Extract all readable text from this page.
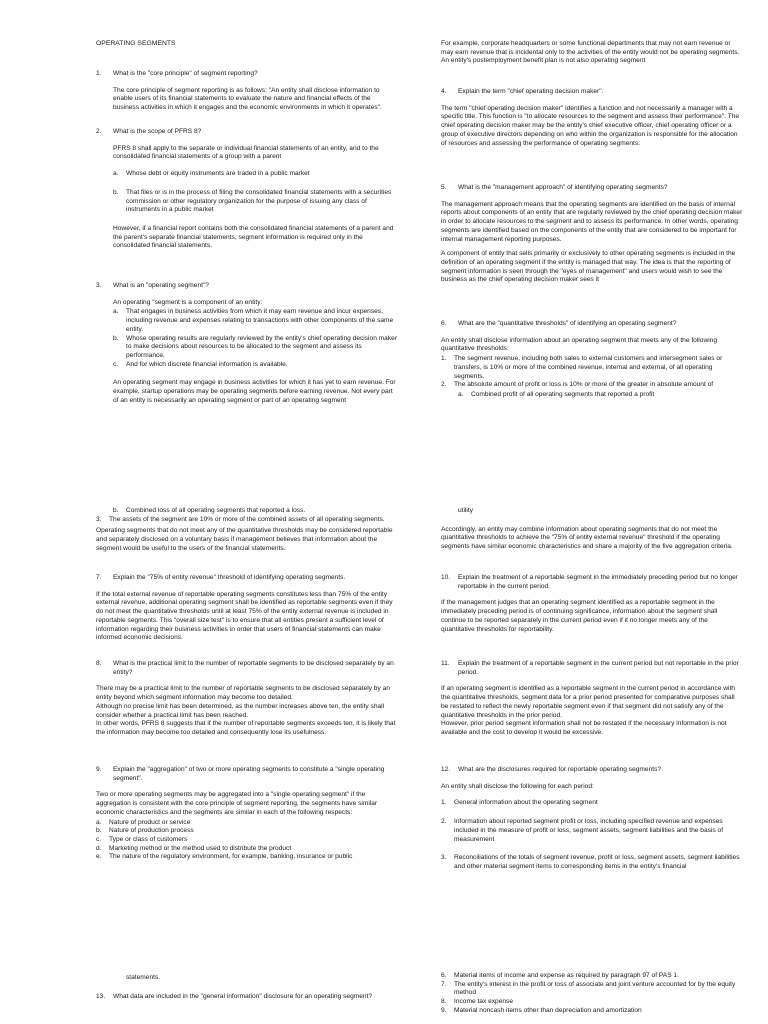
OPERATING SEGMENTS

1. What is the "core principle" of segment reporting?

The core principle of segment reporting is as follows: "An entity shall disclose information to enable users of its financial statements to evaluate the nature and financial effects of the business activities in which it engages and the economic environments in which it operates".

2. What is the scope of PFRS 8?

PFRS 8 shall apply to the separate or individual financial statements of an entity, and to the consolidated financial statements of a group with a parent

a. Whose debt or equity instruments are traded in a public market
b. That files or is in the process of filing the consolidated financial statements with a securities commission or other regulatory organization for the purpose of issuing any class of instruments in a public market

However, if a financial report contains both the consolidated financial statements of a parent and the parent's separate financial statements, segment information is required only in the consolidated financial statements.

3. What is an "operating segment"?

An operating "segment is a component of an entity:

a. That engages in business activities from which it may earn revenue and incur expenses, including revenue and expenses relating to transactions with other components of the same entity.
b. Whose operating results are regularly reviewed by the entity's chief operating decision maker to make decisions about resources to be allocated to the segment and assess its performance.
c. And for which discrete financial information is available.

An operating segment may engage in business activities for which it has yet to earn revenue. For example, startup operations may be operating segments before earning revenue. Not every part of an entity is necessarily an operating segment or part of an operating segment

For example, corporate headquarters or some functional departments that may not earn revenue or may earn revenue that is incidental only to the activities of the entity would not be operating segments. An entity's postemployment benefit plan is not also operating segment

4. Explain the term "chief operating decision maker".

The term "chief operating decision maker" identifies a function and not necessarily a manager with a specific title. This function is "to allocate resources to the segment and assess their performance". The chief operating decision maker may be the entity's chief executive officer, chief operating officer or a group of executive directors depending on who within the organization is responsible for the allocation of resources and assessing the performance of operating segments.

5. What is the "management approach" of identifying operating segments?

The management approach means that the operating segments are identified on the basis of internal reports about components of an entity that are regularly reviewed by the chief operating decision maker in order to allocate resources to the segment and to assess its performance. In other words, operating segments are identified based on the components of the entity that are considered to be important for internal management reporting purposes.

A component of entity that sells primarily or exclusively to other operating segments is included in the definition of an operating segment if the entity is managed that way. The idea is that the reporting of segment information is seen through the "eyes of management" and users would wish to see the business as the chief operating decision maker sees it

6. What are the "quantitative thresholds" of identifying an operating segment?

An entity shall disclose information about an operating segment that meets any of the following quantitative thresholds:

1. The segment revenue, including both sales to external customers and intersegment sales or transfers, is 10% or more of the combined revenue, internal and external, of all operating segments.
2. The absolute amount of profit or loss is 10% or more of the greater in absolute amount of
a. Combined profit of all operating segments that reported a profit
b. Combined loss of all operating segments that reported a loss.
3. The assets of the segment are 10% or more of the combined assets of all operating segments.

Operating segments that do not meet any of the quantitative thresholds may be considered reportable and separately disclosed on a voluntary basis if management believes that information about the segment would be useful to the users of the financial statements.

7. Explain the "75% of entity revenue" threshold of identifying operating segments.

If the total external revenue of reportable operating segments constitutes less than 75% of the entity external revenue, additional operating segment shall be identified as reportable segments even if they do not meet the quantitative thresholds until at least 75% of the entity external revenue is included in reportable segments. This "overall size test" is to ensure that all entities present a sufficient level of information regarding their business activities in order that users of financial statements can make informed economic decisions.

8. What is the practical limit to the number of reportable segments to be disclosed separately by an entity?

There may be a practical limit to the number of reportable segments to be disclosed separately by an entity beyond which segment information may become too detailed.

Although no precise limit has been determined, as the number increases above ten, the entity shall consider whether a practical limit has been reached.

In other words, PFRS 8 suggests that if the number of reportable segments exceeds ten, it is likely that the information may become too detailed and consequently lose its usefulness.

9. Explain the "aggregation" of two or more operating segments to constitute a "single operating segment".

Two or more operating segments may be aggregated into a "single operating segment" if the aggregation is consistent with the core principle of segment reporting, the segments have similar economic characteristics and the segments are similar in each of the following respects:

a. Nature of product or service
b. Nature of production process
c. Type or class of customers
d. Marketing method or the method used to distribute the product
e. The nature of the regulatory environment, for example, banking, insurance or public

utility

Accordingly, an entity may combine information about operating segments that do not meet the quantitative thresholds to achieve the "75% of entity external revenue" threshold if the operating segments have similar economic characteristics and share a majority of the five aggregation criteria.

10. Explain the treatment of a reportable segment in the immediately preceding period but no longer reportable in the current period.

If the management judges that an operating segment identified as a reportable segment in the immediately preceding period is of continuing significance, information about the segment shall continue to be reported separately in the current period even if it no longer meets any of the quantitative thresholds for reportability.

11. Explain the treatment of a reportable segment in the current period but not reportable in the prior period.

If an operating segment is identified as a reportable segment in the current period in accordance with the quantitative thresholds, segment data for a prior period presented for comparative purposes shall be restated to reflect the newly reportable segment even if that segment did not satisfy any of the quantitative thresholds in the prior period.

However, prior period segment information shall not be restated if the necessary information is not available and the cost to develop it would be excessive.

12. What are the disclosures required for reportable operating segments?

An entity shall disclose the following for each period:

1. General information about the operating segment
2. Information about reported segment profit or loss, including specified revenue and expenses included in the measure of profit or loss, segment assets, segment liabilities and the basis of measurement
3. Reconciliations of the totals of segment revenue, profit or loss, segment assets, segment liabilities and other material segment items to corresponding items in the entity's financial

statements.

13. What data are included in the "general information" disclosure for an operating segment?
6. Material items of income and expense as required by paragraph 97 of PAS 1.
7. The entity's interest in the profit or loss of associate and joint venture accounted for by the equity method
8. Income tax expense
9. Material noncash items other than depreciation and amortization
